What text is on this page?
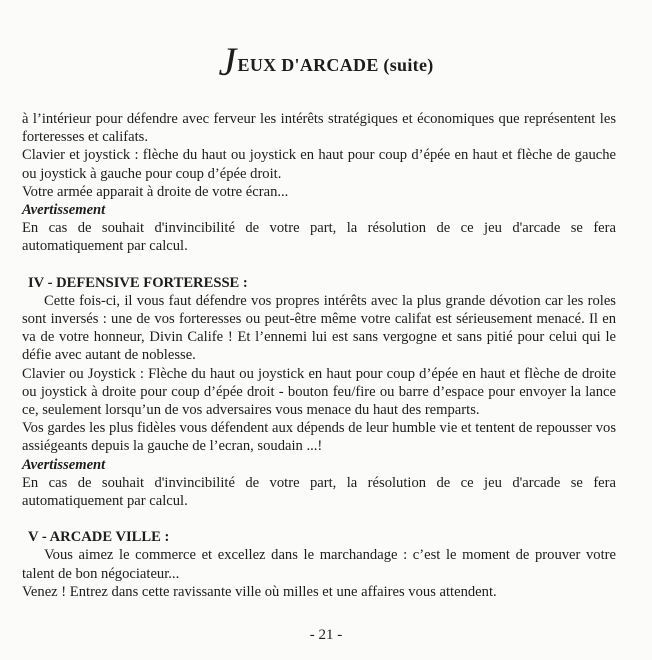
JEUX D'ARCADE (suite)

à l’intérieur pour défendre avec ferveur les intérêts stratégiques et économiques que représentent les forteresses et califats.

Clavier et joystick : flèche du haut ou joystick en haut pour coup d’épée en haut et flèche de gauche ou joystick à gauche pour coup d’épée droit.

Votre armée apparait à droite de votre écran...

Avertissement

En cas de souhait d'invincibilité de votre part, la résolution de ce jeu d'arcade se fera automatiquement par calcul.

IV - DEFENSIVE FORTERESSE :

Cette fois-ci, il vous faut défendre vos propres intérêts avec la plus grande dévotion car les roles sont inversés : une de vos forteresses ou peut-être même votre califat est sérieusement menacé. Il en va de votre honneur, Divin Calife ! Et l’ennemi lui est sans vergogne et sans pitié pour celui qui le défie avec autant de noblesse.

Clavier ou Joystick : Flèche du haut ou joystick en haut pour coup d’épée en haut et flèche de droite ou joystick à droite pour coup d’épée droit - bouton feu/fire ou barre d’espace pour envoyer la lance ce, seulement lorsqu’un de vos adversaires vous menace du haut des remparts.

Vos gardes les plus fidèles vous défendent aux dépends de leur humble vie et tentent de repousser vos assiégeants depuis la gauche de l’ecran, soudain ...!

Avertissement

En cas de souhait d'invincibilité de votre part, la résolution de ce jeu d'arcade se fera automatiquement par calcul.

V - ARCADE VILLE :

Vous aimez le commerce et excellez dans le marchandage : c’est le moment de prouver votre talent de bon négociateur...

Venez ! Entrez dans cette ravissante ville où milles et une affaires vous attendent.

- 21 -
